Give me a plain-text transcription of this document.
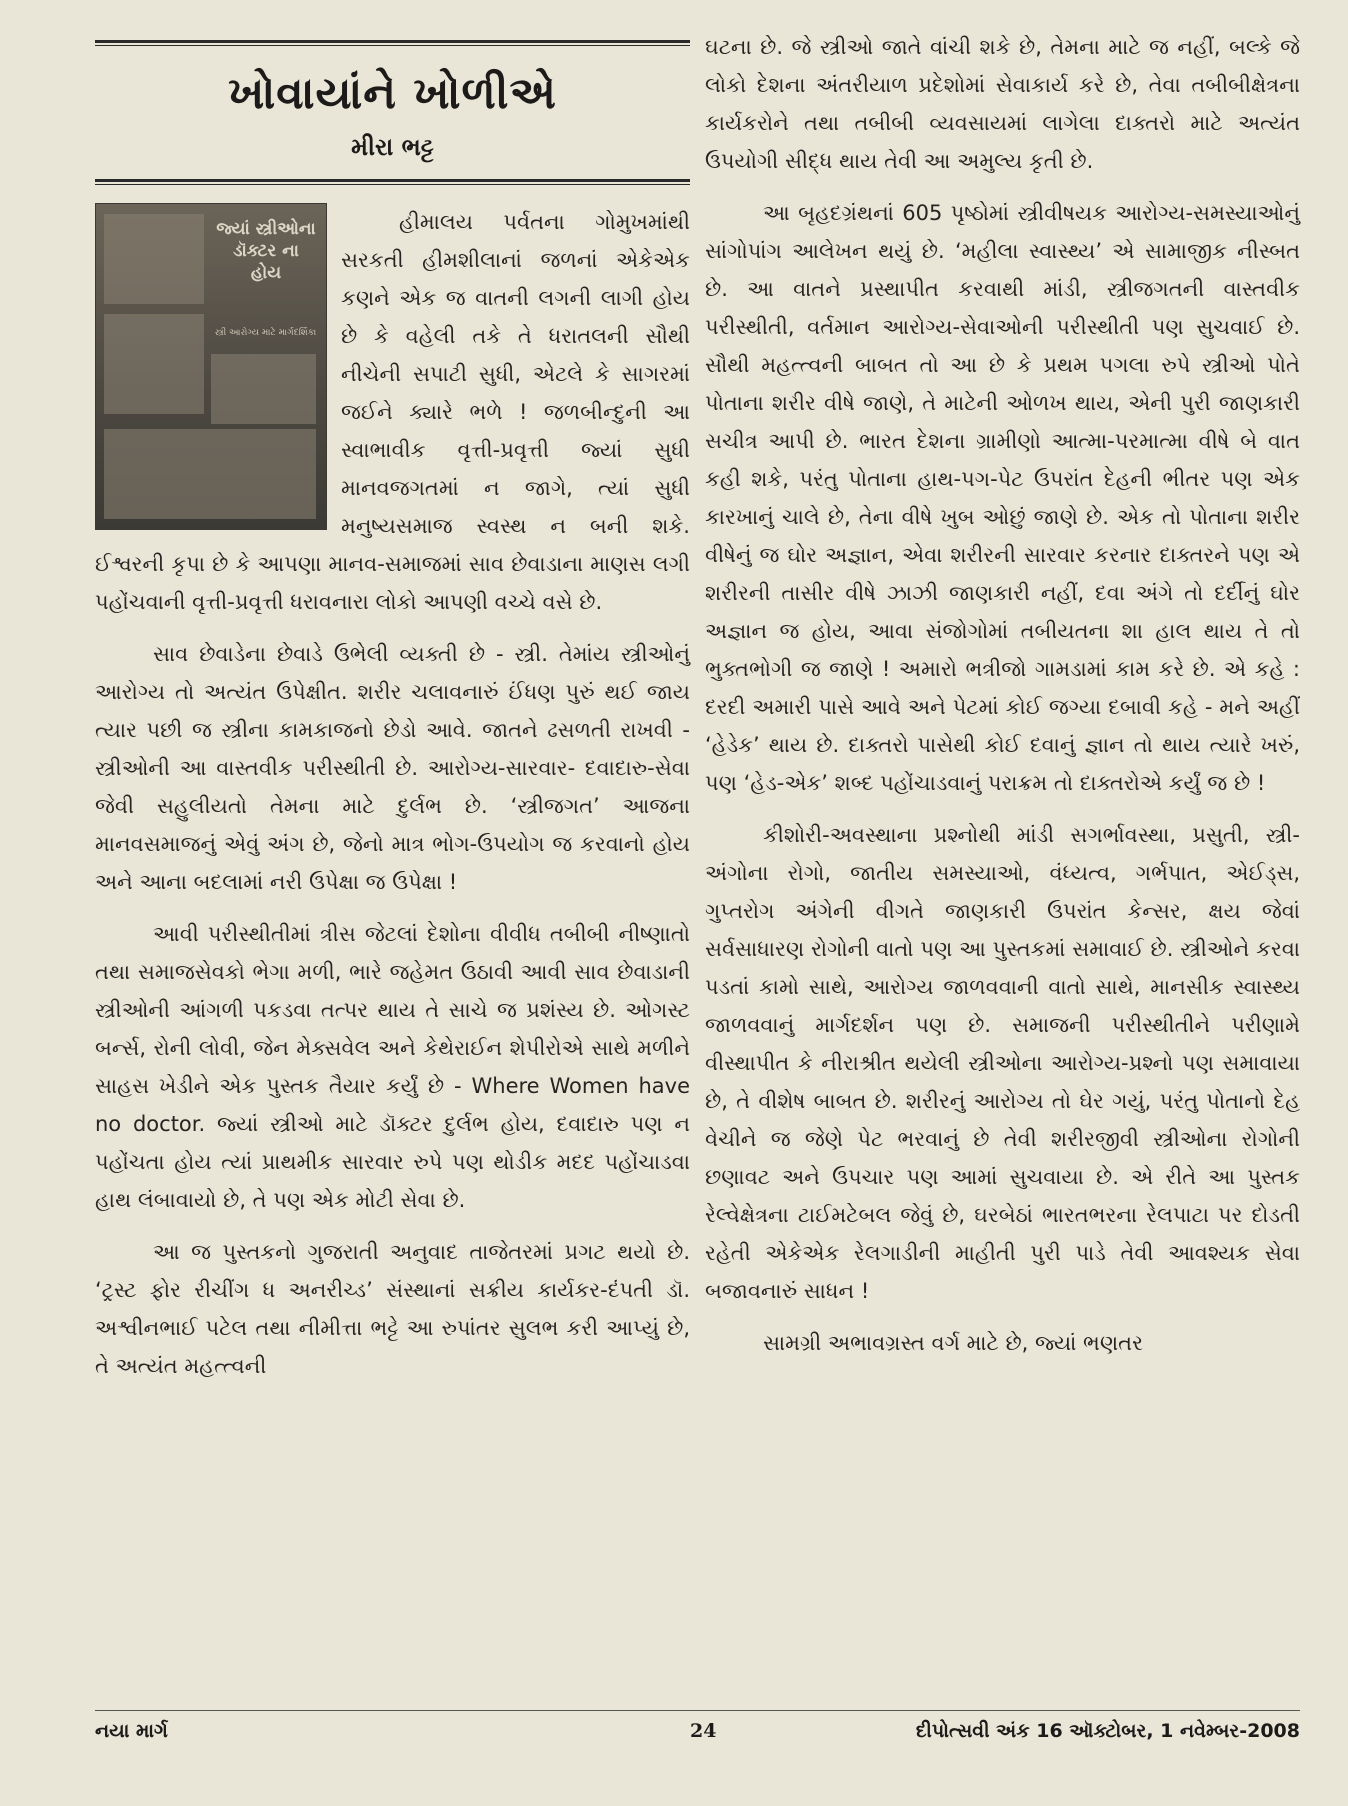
ખોવાયાંને ખોળીએ
મીરા ભટ્ટ
જ્યાં સ્ત્રીઓના ડૉક્ટર ના હોય
સ્ત્રી આરોગ્ય માટે માર્ગદર્શિકા

હીમાલય પર્વતના ગોમુખમાંથી સરકતી હીમશીલાનાં જળનાં એકેએક કણને એક જ વાતની લગની લાગી હોય છે કે વહેલી તકે તે ધરાતલની સૌથી નીચેની સપાટી સુધી, એટલે કે સાગરમાં જઈને ક્યારે ભળે ! જળબીન્દુની આ સ્વાભાવીક વૃત્તી-પ્રવૃત્તી જ્યાં સુધી માનવજગતમાં ન જાગે, ત્યાં સુધી મનુષ્યસમાજ સ્વસ્થ ન બની શકે. ઈશ્વરની કૃપા છે કે આપણા માનવ-સમાજમાં સાવ છેવાડાના માણસ લગી પહોંચવાની વૃત્તી-પ્રવૃત્તી ધરાવનારા લોકો આપણી વચ્ચે વસે છે.

સાવ છેવાડેના છેવાડે ઉભેલી વ્યક્તી છે - સ્ત્રી. તેમાંય સ્ત્રીઓનું આરોગ્ય તો અત્યંત ઉપેક્ષીત. શરીર ચલાવનારું ઈંધણ પુરું થઈ જાય ત્યાર પછી જ સ્ત્રીના કામકાજનો છેડો આવે. જાતને ઢસળતી રાખવી - સ્ત્રીઓની આ વાસ્તવીક પરીસ્થીતી છે. આરોગ્ય-સારવાર- દવાદારુ-સેવા જેવી સહુલીયતો તેમના માટે દુર્લભ છે. ‘સ્ત્રીજગત’ આજના માનવસમાજનું એવું અંગ છે, જેનો માત્ર ભોગ-ઉપયોગ જ કરવાનો હોય અને આના બદલામાં નરી ઉપેક્ષા જ ઉપેક્ષા !

આવી પરીસ્થીતીમાં ત્રીસ જેટલાં દેશોના વીવીધ તબીબી નીષ્ણાતો તથા સમાજસેવકો ભેગા મળી, ભારે જહેમત ઉઠાવી આવી સાવ છેવાડાની સ્ત્રીઓની આંગળી પકડવા તત્પર થાય તે સાચે જ પ્રશંસ્ય છે. ઓગસ્ટ બર્ન્સ, રોની લોવી, જેન મેક્સવેલ અને કેથેરાઈન શેપીરોએ સાથે મળીને સાહસ ખેડીને એક પુસ્તક તૈયાર કર્યું છે - Where Women have no doctor. જ્યાં સ્ત્રીઓ માટે ડૉક્ટર દુર્લભ હોય, દવાદારુ પણ ન પહોંચતા હોય ત્યાં પ્રાથમીક સારવાર રુપે પણ થોડીક મદદ પહોંચાડવા હાથ લંબાવાયો છે, તે પણ એક મોટી સેવા છે.

આ જ પુસ્તકનો ગુજરાતી અનુવાદ તાજેતરમાં પ્રગટ થયો છે. ‘ટ્રસ્ટ ફોર રીચીંગ ધ અનરીચ્ડ’ સંસ્થાનાં સક્રીય કાર્યકર-દંપતી ડૉ. અશ્વીનભાઈ પટેલ તથા નીમીત્તા ભટ્ટે આ રુપાંતર સુલભ કરી આપ્યું છે, તે અત્યંત મહત્ત્વની

ઘટના છે. જે સ્ત્રીઓ જાતે વાંચી શકે છે, તેમના માટે જ નહીં, બલ્કે જે લોકો દેશના અંતરીયાળ પ્રદેશોમાં સેવાકાર્ય કરે છે, તેવા તબીબીક્ષેત્રના કાર્યકરોને તથા તબીબી વ્યવસાયમાં લાગેલા દાક્તરો માટે અત્યંત ઉપયોગી સીદ્ધ થાય તેવી આ અમુલ્ય કૃતી છે.

આ બૃહદગ્રંથનાં 605 પૃષ્ઠોમાં સ્ત્રીવીષયક આરોગ્ય-સમસ્યાઓનું સાંગોપાંગ આલેખન થયું છે. ‘મહીલા સ્વાસ્થ્ય’ એ સામાજીક નીસ્બત છે. આ વાતને પ્રસ્થાપીત કરવાથી માંડી, સ્ત્રીજગતની વાસ્તવીક પરીસ્થીતી, વર્તમાન આરોગ્ય-સેવાઓની પરીસ્થીતી પણ સુચવાઈ છે. સૌથી મહત્ત્વની બાબત તો આ છે કે પ્રથમ પગલા રુપે સ્ત્રીઓ પોતે પોતાના શરીર વીષે જાણે, તે માટેની ઓળખ થાય, એની પુરી જાણકારી સચીત્ર આપી છે. ભારત દેશના ગ્રામીણો આત્મા-પરમાત્મા વીષે બે વાત કહી શકે, પરંતુ પોતાના હાથ-પગ-પેટ ઉપરાંત દેહની ભીતર પણ એક કારખાનું ચાલે છે, તેના વીષે ખુબ ઓછું જાણે છે. એક તો પોતાના શરીર વીષેનું જ ઘોર અજ્ઞાન, એવા શરીરની સારવાર કરનાર દાક્તરને પણ એ શરીરની તાસીર વીષે ઝાઝી જાણકારી નહીં, દવા અંગે તો દર્દીનું ઘોર અજ્ઞાન જ હોય, આવા સંજોગોમાં તબીયતના શા હાલ થાય તે તો ભુક્તભોગી જ જાણે ! અમારો ભત્રીજો ગામડામાં કામ કરે છે. એ કહે : દરદી અમારી પાસે આવે અને પેટમાં કોઈ જગ્યા દબાવી કહે - મને અહીં ‘હેડેક’ થાય છે. દાક્તરો પાસેથી કોઈ દવાનું જ્ઞાન તો થાય ત્યારે ખરું, પણ ‘હેડ-એક’ શબ્દ પહોંચાડવાનું પરાક્રમ તો દાક્તરોએ કર્યું જ છે !

કીશોરી-અવસ્થાના પ્રશ્નોથી માંડી સગર્ભાવસ્થા, પ્રસુતી, સ્ત્રી-અંગોના રોગો, જાતીય સમસ્યાઓ, વંધ્યત્વ, ગર્ભપાત, એઈડ્સ, ગુપ્તરોગ અંગેની વીગતે જાણકારી ઉપરાંત કેન્સર, ક્ષય જેવાં સર્વસાધારણ રોગોની વાતો પણ આ પુસ્તકમાં સમાવાઈ છે. સ્ત્રીઓને કરવા પડતાં કામો સાથે, આરોગ્ય જાળવવાની વાતો સાથે, માનસીક સ્વાસ્થ્ય જાળવવાનું માર્ગદર્શન પણ છે. સમાજની પરીસ્થીતીને પરીણામે વીસ્થાપીત કે નીરાશ્રીત થયેલી સ્ત્રીઓના આરોગ્ય-પ્રશ્નો પણ સમાવાયા છે, તે વીશેષ બાબત છે. શરીરનું આરોગ્ય તો ઘેર ગયું, પરંતુ પોતાનો દેહ વેચીને જ જેણે પેટ ભરવાનું છે તેવી શરીરજીવી સ્ત્રીઓના રોગોની છણાવટ અને ઉપચાર પણ આમાં સુચવાયા છે. એ રીતે આ પુસ્તક રેલ્વેક્ષેત્રના ટાઈમટેબલ જેવું છે, ઘરબેઠાં ભારતભરના રેલપાટા પર દોડતી રહેતી એકેએક રેલગાડીની માહીતી પુરી પાડે તેવી આવશ્યક સેવા બજાવનારું સાધન !

સામગ્રી અભાવગ્રસ્ત વર્ગ માટે છે, જ્યાં ભણતર

નયા માર્ગ	24	દીપોત્સવી અંક 16 ઑક્ટોબર, 1 નવેમ્બર-2008
